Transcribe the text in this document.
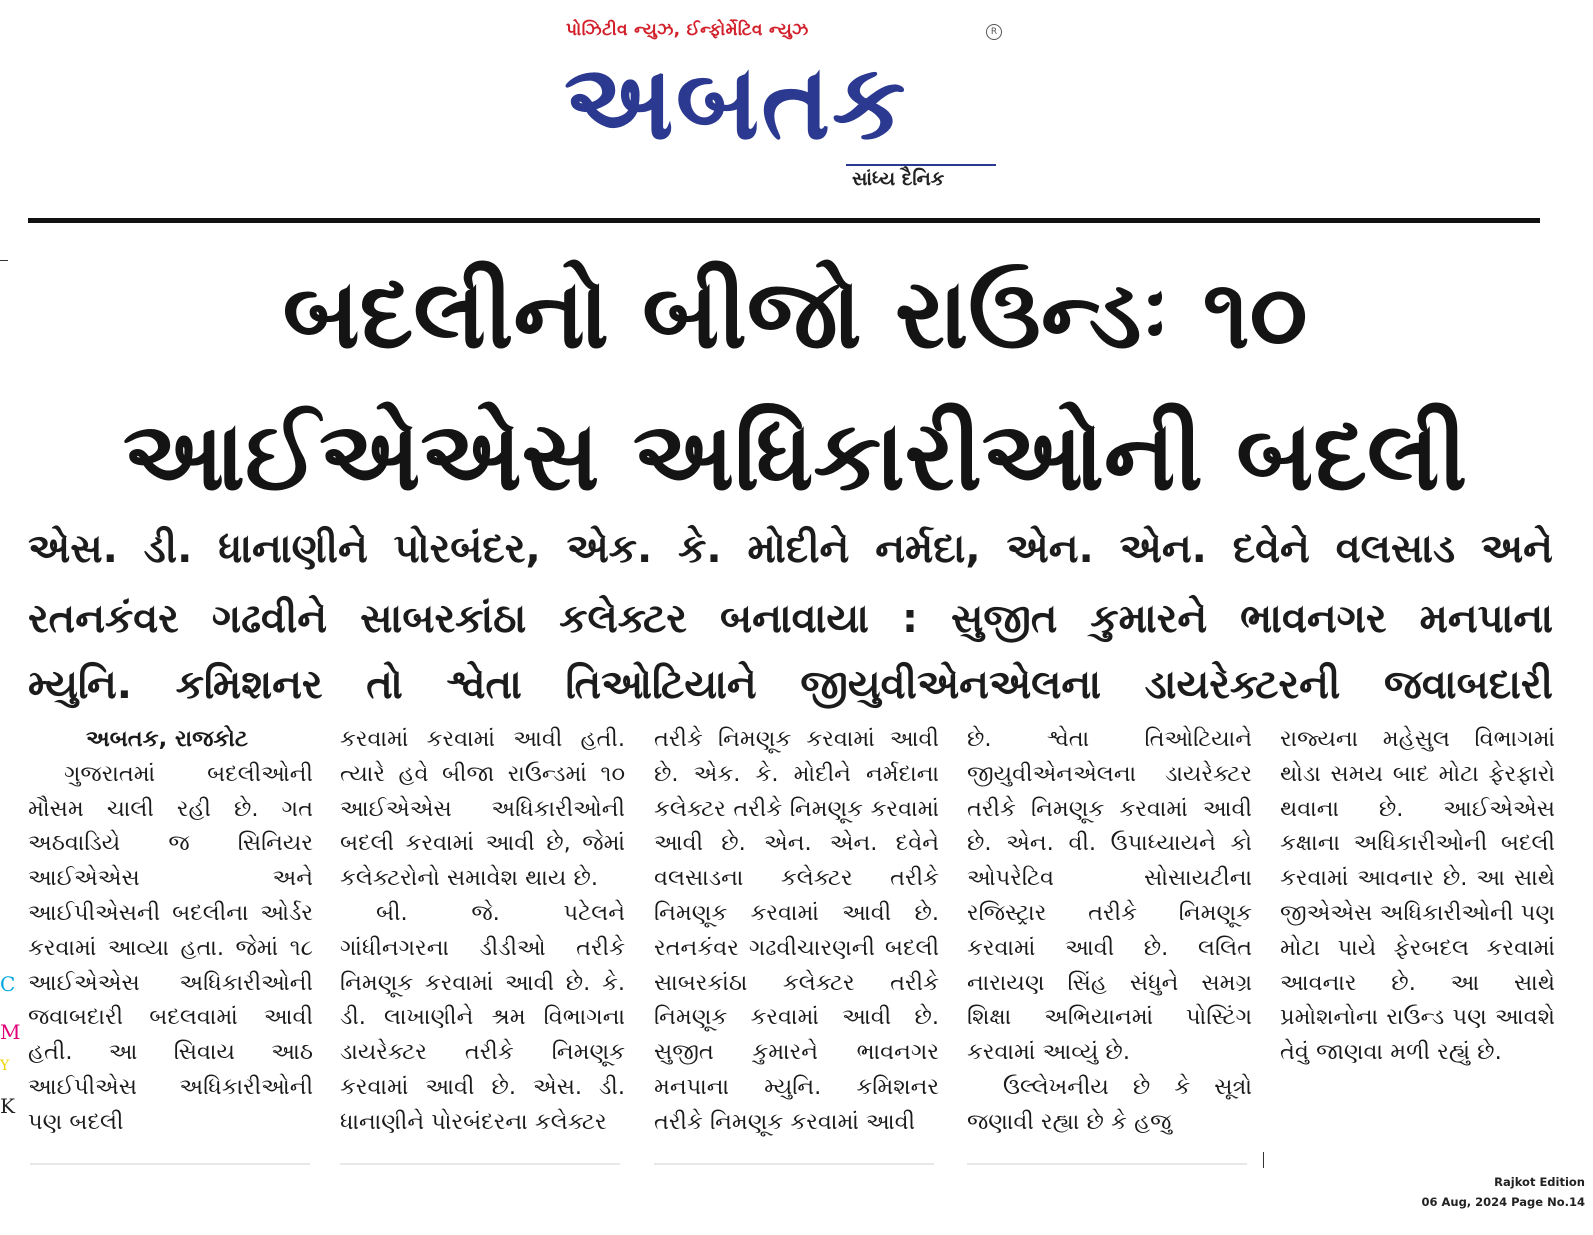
પોઝિટીવ ન્યુઝ, ઈન્ફોર્મેટિવ ન્યુઝ
અબતક
R
સાંધ્ય દૈનિક
C
M
Y
K
બદલીનો બીજો રાઉન્ડઃ ૧૦
આઈએએસ અધિકારીઓની બદલી
એસ. ડી. ધાનાણીને પોરબંદર, એક. કે. મોદીને નર્મદા, એન. એન. દવેને વલસાડ અને
રતનકંવર ગઢવીને સાબરકાંઠા કલેક્ટર બનાવાયા : સુજીત કુમારને ભાવનગર મનપાના
મ્યુનિ. કમિશનર તો શ્વેતા તિઓટિયાને જીયુવીએનએલના ડાયરેક્ટરની જવાબદારી

અબતક, રાજકોટ

ગુજરાતમાં બદલીઓની મૌસમ ચાલી રહી છે. ગત અઠવાડિયે જ સિનિયર આઈએએસ અને આઈપીએસની બદલીના ઓર્ડર કરવામાં આવ્યા હતા. જેમાં ૧૮ આઈએએસ અધિકારીઓની જવાબદારી બદલવામાં આવી હતી. આ સિવાય આઠ આઈપીએસ અધિકારીઓની પણ બદલી

કરવામાં કરવામાં આવી હતી. ત્યારે હવે બીજા રાઉન્ડમાં ૧૦ આઈએએસ અધિકારીઓની બદલી કરવામાં આવી છે, જેમાં કલેક્ટરોનો સમાવેશ થાય છે.

બી. જે. પટેલને ગાંધીનગરના ડીડીઓ તરીકે નિમણૂક કરવામાં આવી છે. કે. ડી. લાખાણીને શ્રમ વિભાગના ડાયરેક્ટર તરીકે નિમણૂક કરવામાં આવી છે. એસ. ડી. ધાનાણીને પોરબંદરના કલેક્ટર

તરીકે નિમણૂક કરવામાં આવી છે. એક. કે. મોદીને નર્મદાના કલેક્ટર તરીકે નિમણૂક કરવામાં આવી છે. એન. એન. દવેને વલસાડના કલેક્ટર તરીકે નિમણૂક કરવામાં આવી છે. રતનકંવર ગઢવીચારણની બદલી સાબરકાંઠા કલેક્ટર તરીકે નિમણૂક કરવામાં આવી છે. સુજીત કુમારને ભાવનગર મનપાના મ્યુનિ. કમિશનર તરીકે નિમણૂક કરવામાં આવી

છે. શ્વેતા તિઓટિયાને જીયુવીએનએલના ડાયરેક્ટર તરીકે નિમણૂક કરવામાં આવી છે. એન. વી. ઉપાધ્યાયને કો ઓપરેટિવ સોસાયટીના રજિસ્ટ્રાર તરીકે નિમણૂક કરવામાં આવી છે. લલિત નારાયણ સિંહ સંધુને સમગ્ર શિક્ષા અભિયાનમાં પોસ્ટિંગ કરવામાં આવ્યું છે.

ઉલ્લેખનીય છે કે સૂત્રો જણાવી રહ્યા છે કે હજુ

રાજ્યના મહેસુલ વિભાગમાં થોડા સમય બાદ મોટા ફેરફારો થવાના છે. આઈએએસ કક્ષાના અધિકારીઓની બદલી કરવામાં આવનાર છે. આ સાથે જીએએસ અધિકારીઓની પણ મોટા પાયે ફેરબદલ કરવામાં આવનાર છે. આ સાથે પ્રમોશનોના રાઉન્ડ પણ આવશે તેવું જાણવા મળી રહ્યું છે.

Rajkot Edition
06 Aug, 2024 Page No.14
